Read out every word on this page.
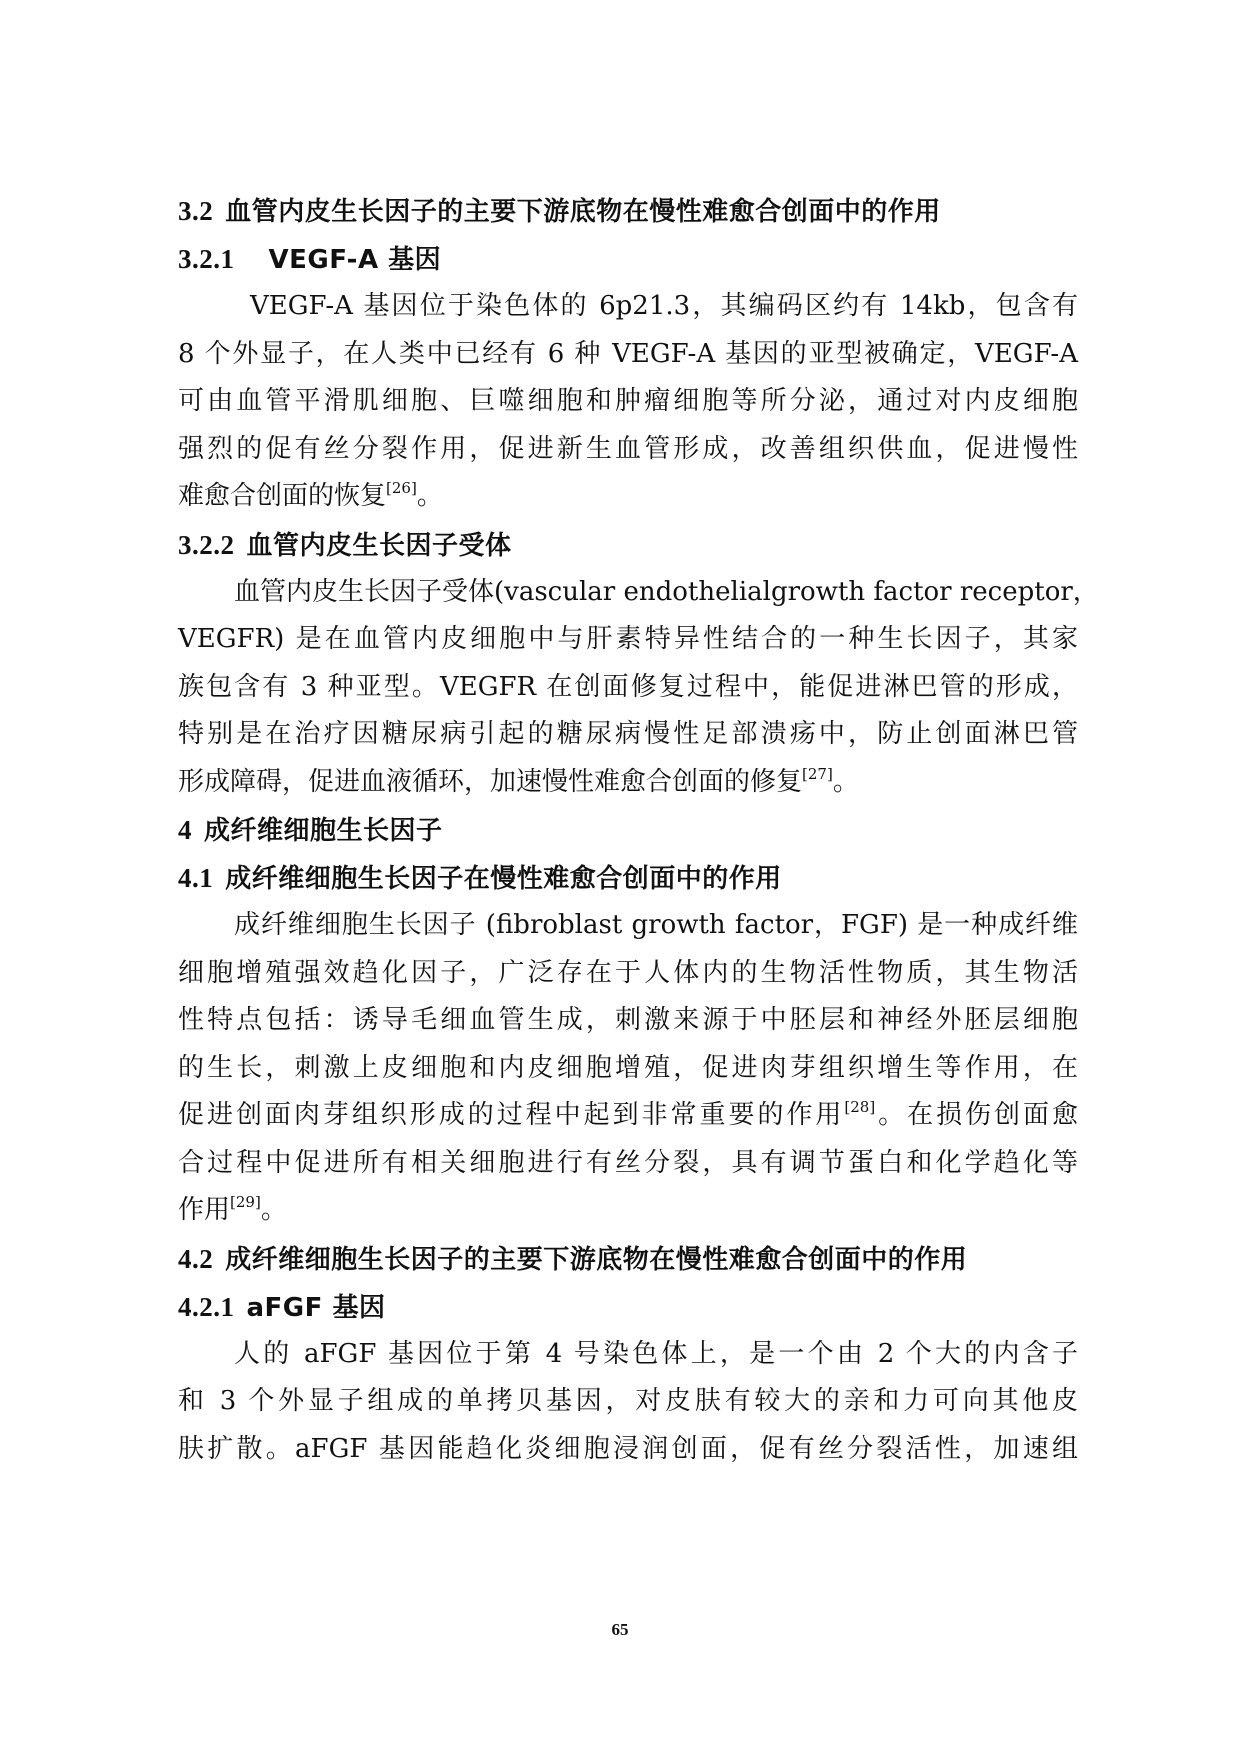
3.2 血管内皮生长因子的主要下游底物在慢性难愈合创面中的作用
3.2.1 VEGF-A 基因

VEGF-A 基因位于染色体的 6p21.3，其编码区约有 14kb，包含有

8 个外显子，在人类中已经有 6 种 VEGF-A 基因的亚型被确定，VEGF-A

可由血管平滑肌细胞、巨噬细胞和肿瘤细胞等所分泌，通过对内皮细胞

强烈的促有丝分裂作用，促进新生血管形成，改善组织供血，促进慢性

难愈合创面的恢复[26]。

3.2.2 血管内皮生长因子受体

血管内皮生长因子受体(vascular endothelialgrowth factor receptor，

VEGFR) 是在血管内皮细胞中与肝素特异性结合的一种生长因子，其家

族包含有 3 种亚型。VEGFR 在创面修复过程中，能促进淋巴管的形成，

特别是在治疗因糖尿病引起的糖尿病慢性足部溃疡中，防止创面淋巴管

形成障碍，促进血液循环，加速慢性难愈合创面的修复[27]。

4 成纤维细胞生长因子
4.1 成纤维细胞生长因子在慢性难愈合创面中的作用

成纤维细胞生长因子 (fibroblast growth factor，FGF) 是一种成纤维

细胞增殖强效趋化因子，广泛存在于人体内的生物活性物质，其生物活

性特点包括：诱导毛细血管生成，刺激来源于中胚层和神经外胚层细胞

的生长，刺激上皮细胞和内皮细胞增殖，促进肉芽组织增生等作用，在

促进创面肉芽组织形成的过程中起到非常重要的作用[28]。在损伤创面愈

合过程中促进所有相关细胞进行有丝分裂，具有调节蛋白和化学趋化等

作用[29]。

4.2 成纤维细胞生长因子的主要下游底物在慢性难愈合创面中的作用
4.2.1 aFGF 基因

人的 aFGF 基因位于第 4 号染色体上，是一个由 2 个大的内含子

和 3 个外显子组成的单拷贝基因，对皮肤有较大的亲和力可向其他皮

肤扩散。aFGF 基因能趋化炎细胞浸润创面，促有丝分裂活性，加速组

65
